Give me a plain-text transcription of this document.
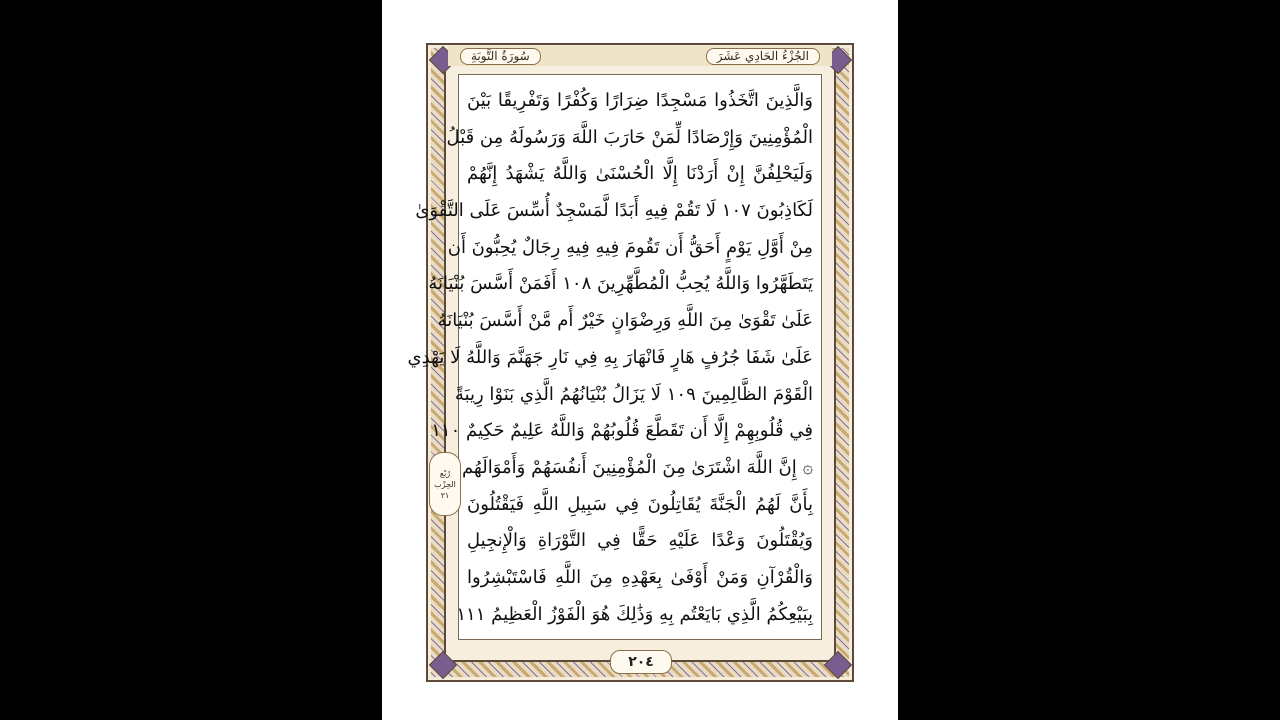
سُورَةُ التَّوبَةِ	الجُزْءُ الحَادِي عَشَرَ
وَالَّذِينَ اتَّخَذُوا مَسْجِدًا ضِرَارًا وَكُفْرًا وَتَفْرِيقًا بَيْنَ
الْمُؤْمِنِينَ وَإِرْصَادًا لِّمَنْ حَارَبَ اللَّهَ وَرَسُولَهُ مِن قَبْلُ
وَلَيَحْلِفُنَّ إِنْ أَرَدْنَا إِلَّا الْحُسْنَىٰ وَاللَّهُ يَشْهَدُ إِنَّهُمْ
لَكَاذِبُونَ ١٠٧ لَا تَقُمْ فِيهِ أَبَدًا لَّمَسْجِدٌ أُسِّسَ عَلَى التَّقْوَىٰ
مِنْ أَوَّلِ يَوْمٍ أَحَقُّ أَن تَقُومَ فِيهِ فِيهِ رِجَالٌ يُحِبُّونَ أَن
يَتَطَهَّرُوا وَاللَّهُ يُحِبُّ الْمُطَّهِّرِينَ ١٠٨ أَفَمَنْ أَسَّسَ بُنْيَانَهُ
عَلَىٰ تَقْوَىٰ مِنَ اللَّهِ وَرِضْوَانٍ خَيْرٌ أَم مَّنْ أَسَّسَ بُنْيَانَهُ
عَلَىٰ شَفَا جُرُفٍ هَارٍ فَانْهَارَ بِهِ فِي نَارِ جَهَنَّمَ وَاللَّهُ لَا يَهْدِي
الْقَوْمَ الظَّالِمِينَ ١٠٩ لَا يَزَالُ بُنْيَانُهُمُ الَّذِي بَنَوْا رِيبَةً
فِي قُلُوبِهِمْ إِلَّا أَن تَقَطَّعَ قُلُوبُهُمْ وَاللَّهُ عَلِيمٌ حَكِيمٌ ١١٠
۞ إِنَّ اللَّهَ اشْتَرَىٰ مِنَ الْمُؤْمِنِينَ أَنفُسَهُمْ وَأَمْوَالَهُم
بِأَنَّ لَهُمُ الْجَنَّةَ يُقَاتِلُونَ فِي سَبِيلِ اللَّهِ فَيَقْتُلُونَ
وَيُقْتَلُونَ وَعْدًا عَلَيْهِ حَقًّا فِي التَّوْرَاةِ وَالْإِنجِيلِ
وَالْقُرْآنِ وَمَنْ أَوْفَىٰ بِعَهْدِهِ مِنَ اللَّهِ فَاسْتَبْشِرُوا
بِبَيْعِكُمُ الَّذِي بَايَعْتُم بِهِ وَذَٰلِكَ هُوَ الْفَوْزُ الْعَظِيمُ ١١١
رُبْع
الحِزْب
٢١
٢٠٤
